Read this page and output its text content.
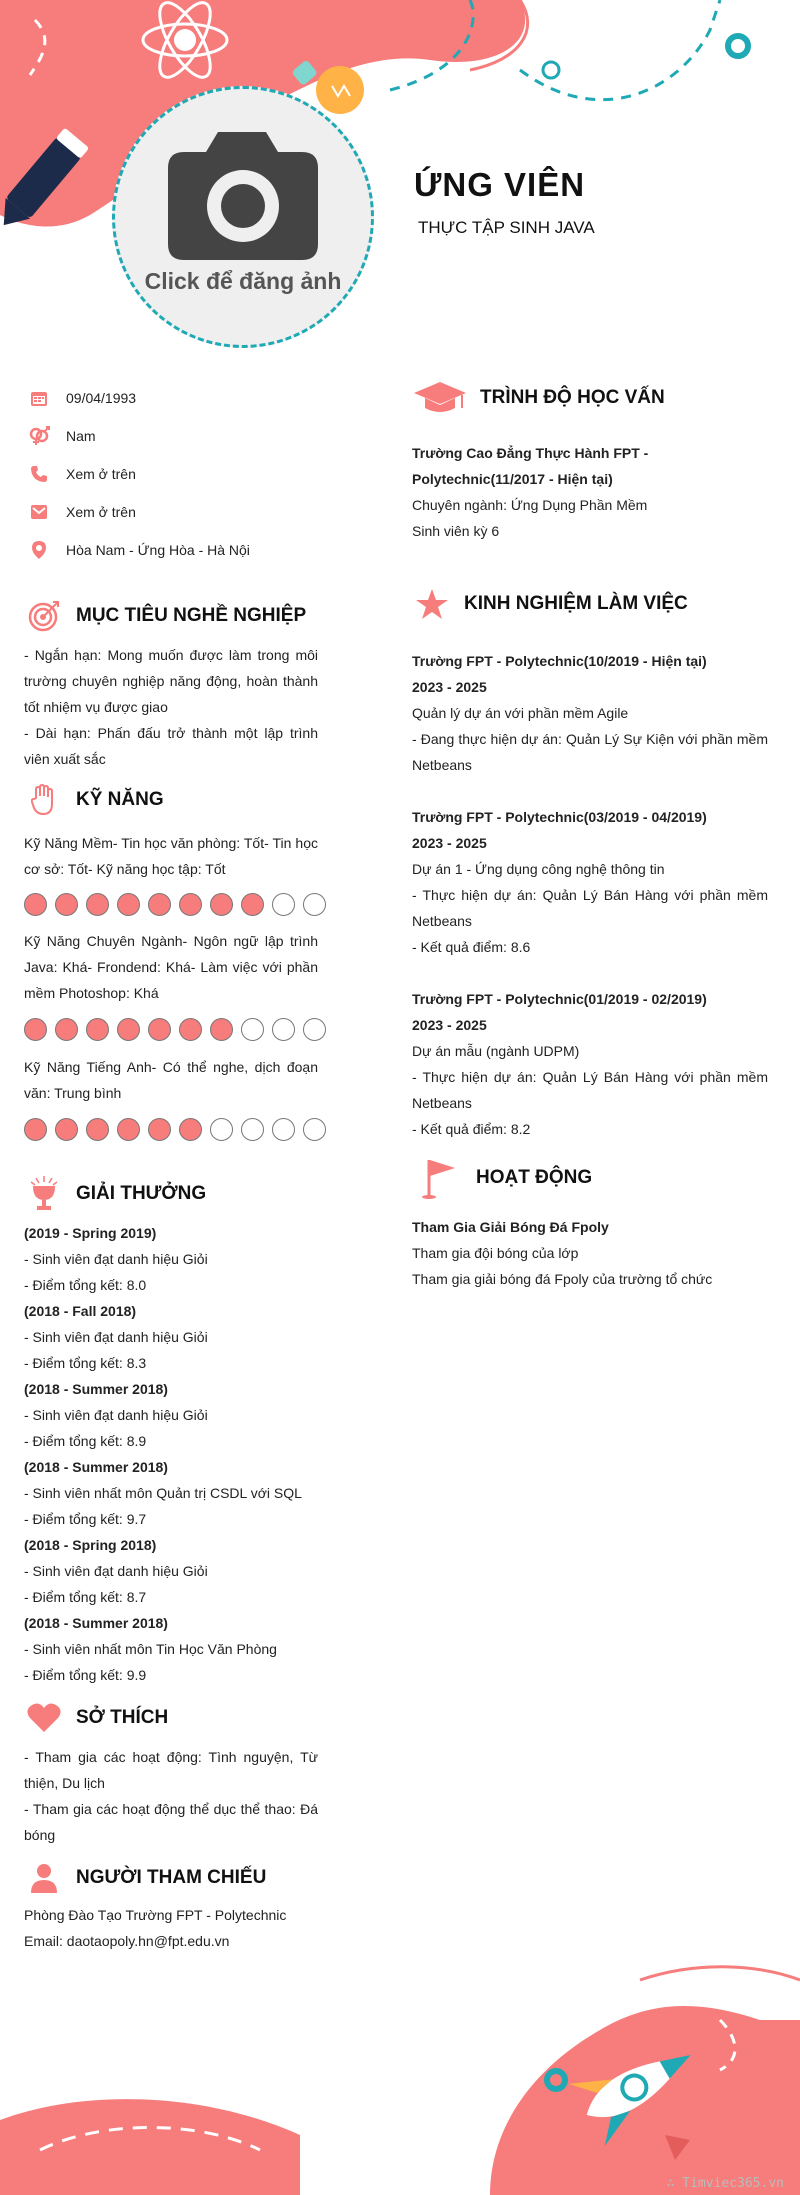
Click để đăng ảnh
ỨNG VIÊN
THỰC TẬP SINH JAVA
09/04/1993
Nam
Xem ở trên
Xem ở trên
Hòa Nam - Ứng Hòa - Hà Nội
MỤC TIÊU NGHỀ NGHIỆP
- Ngắn hạn: Mong muốn được làm trong môi trường chuyên nghiệp năng động, hoàn thành tốt nhiệm vụ được giao
- Dài hạn: Phấn đấu trở thành một lập trình viên xuất sắc
KỸ NĂNG
Kỹ Năng Mềm- Tin học văn phòng: Tốt- Tin học cơ sở: Tốt- Kỹ năng học tập: Tốt
Kỹ Năng Chuyên Ngành- Ngôn ngữ lập trình Java: Khá- Frondend: Khá- Làm việc với phần mềm Photoshop: Khá
Kỹ Năng Tiếng Anh- Có thể nghe, dịch đoạn văn: Trung bình
GIẢI THƯỞNG
(2019 - Spring 2019)
- Sinh viên đạt danh hiệu Giỏi
- Điểm tổng kết: 8.0
(2018 - Fall 2018)
- Sinh viên đạt danh hiệu Giỏi
- Điểm tổng kết: 8.3
(2018 - Summer 2018)
- Sinh viên đạt danh hiệu Giỏi
- Điểm tổng kết: 8.9
(2018 - Summer 2018)
- Sinh viên nhất môn Quản trị CSDL với SQL
- Điểm tổng kết: 9.7
(2018 - Spring 2018)
- Sinh viên đạt danh hiệu Giỏi
- Điểm tổng kết: 8.7
(2018 - Summer 2018)
- Sinh viên nhất môn Tin Học Văn Phòng
- Điểm tổng kết: 9.9
SỞ THÍCH
- Tham gia các hoạt động: Tình nguyện, Từ thiện, Du lịch
- Tham gia các hoạt động thể dục thể thao: Đá bóng
NGƯỜI THAM CHIẾU
Phòng Đào Tạo Trường FPT - Polytechnic
Email: daotaopoly.hn@fpt.edu.vn
TRÌNH ĐỘ HỌC VẤN
Trường Cao Đẳng Thực Hành FPT - Polytechnic(11/2017 - Hiện tại)
Chuyên ngành: Ứng Dụng Phần Mềm
Sinh viên kỳ 6
KINH NGHIỆM LÀM VIỆC
Trường FPT - Polytechnic(10/2019 - Hiện tại)
2023 - 2025
Quản lý dự án với phần mềm Agile
- Đang thực hiện dự án: Quản Lý Sự Kiện với phần mềm Netbeans
Trường FPT - Polytechnic(03/2019 - 04/2019)
2023 - 2025
Dự án 1 - Ứng dụng công nghệ thông tin
- Thực hiện dự án: Quản Lý Bán Hàng với phần mềm Netbeans
- Kết quả điểm: 8.6
Trường FPT - Polytechnic(01/2019 - 02/2019)
2023 - 2025
Dự án mẫu (ngành UDPM)
- Thực hiện dự án: Quản Lý Bán Hàng với phần mềm Netbeans
- Kết quả điểm: 8.2
HOẠT ĐỘNG
Tham Gia Giải Bóng Đá Fpoly
Tham gia đội bóng của lớp
Tham gia giải bóng đá Fpoly của trường tổ chức
∴ Timviec365.vn
